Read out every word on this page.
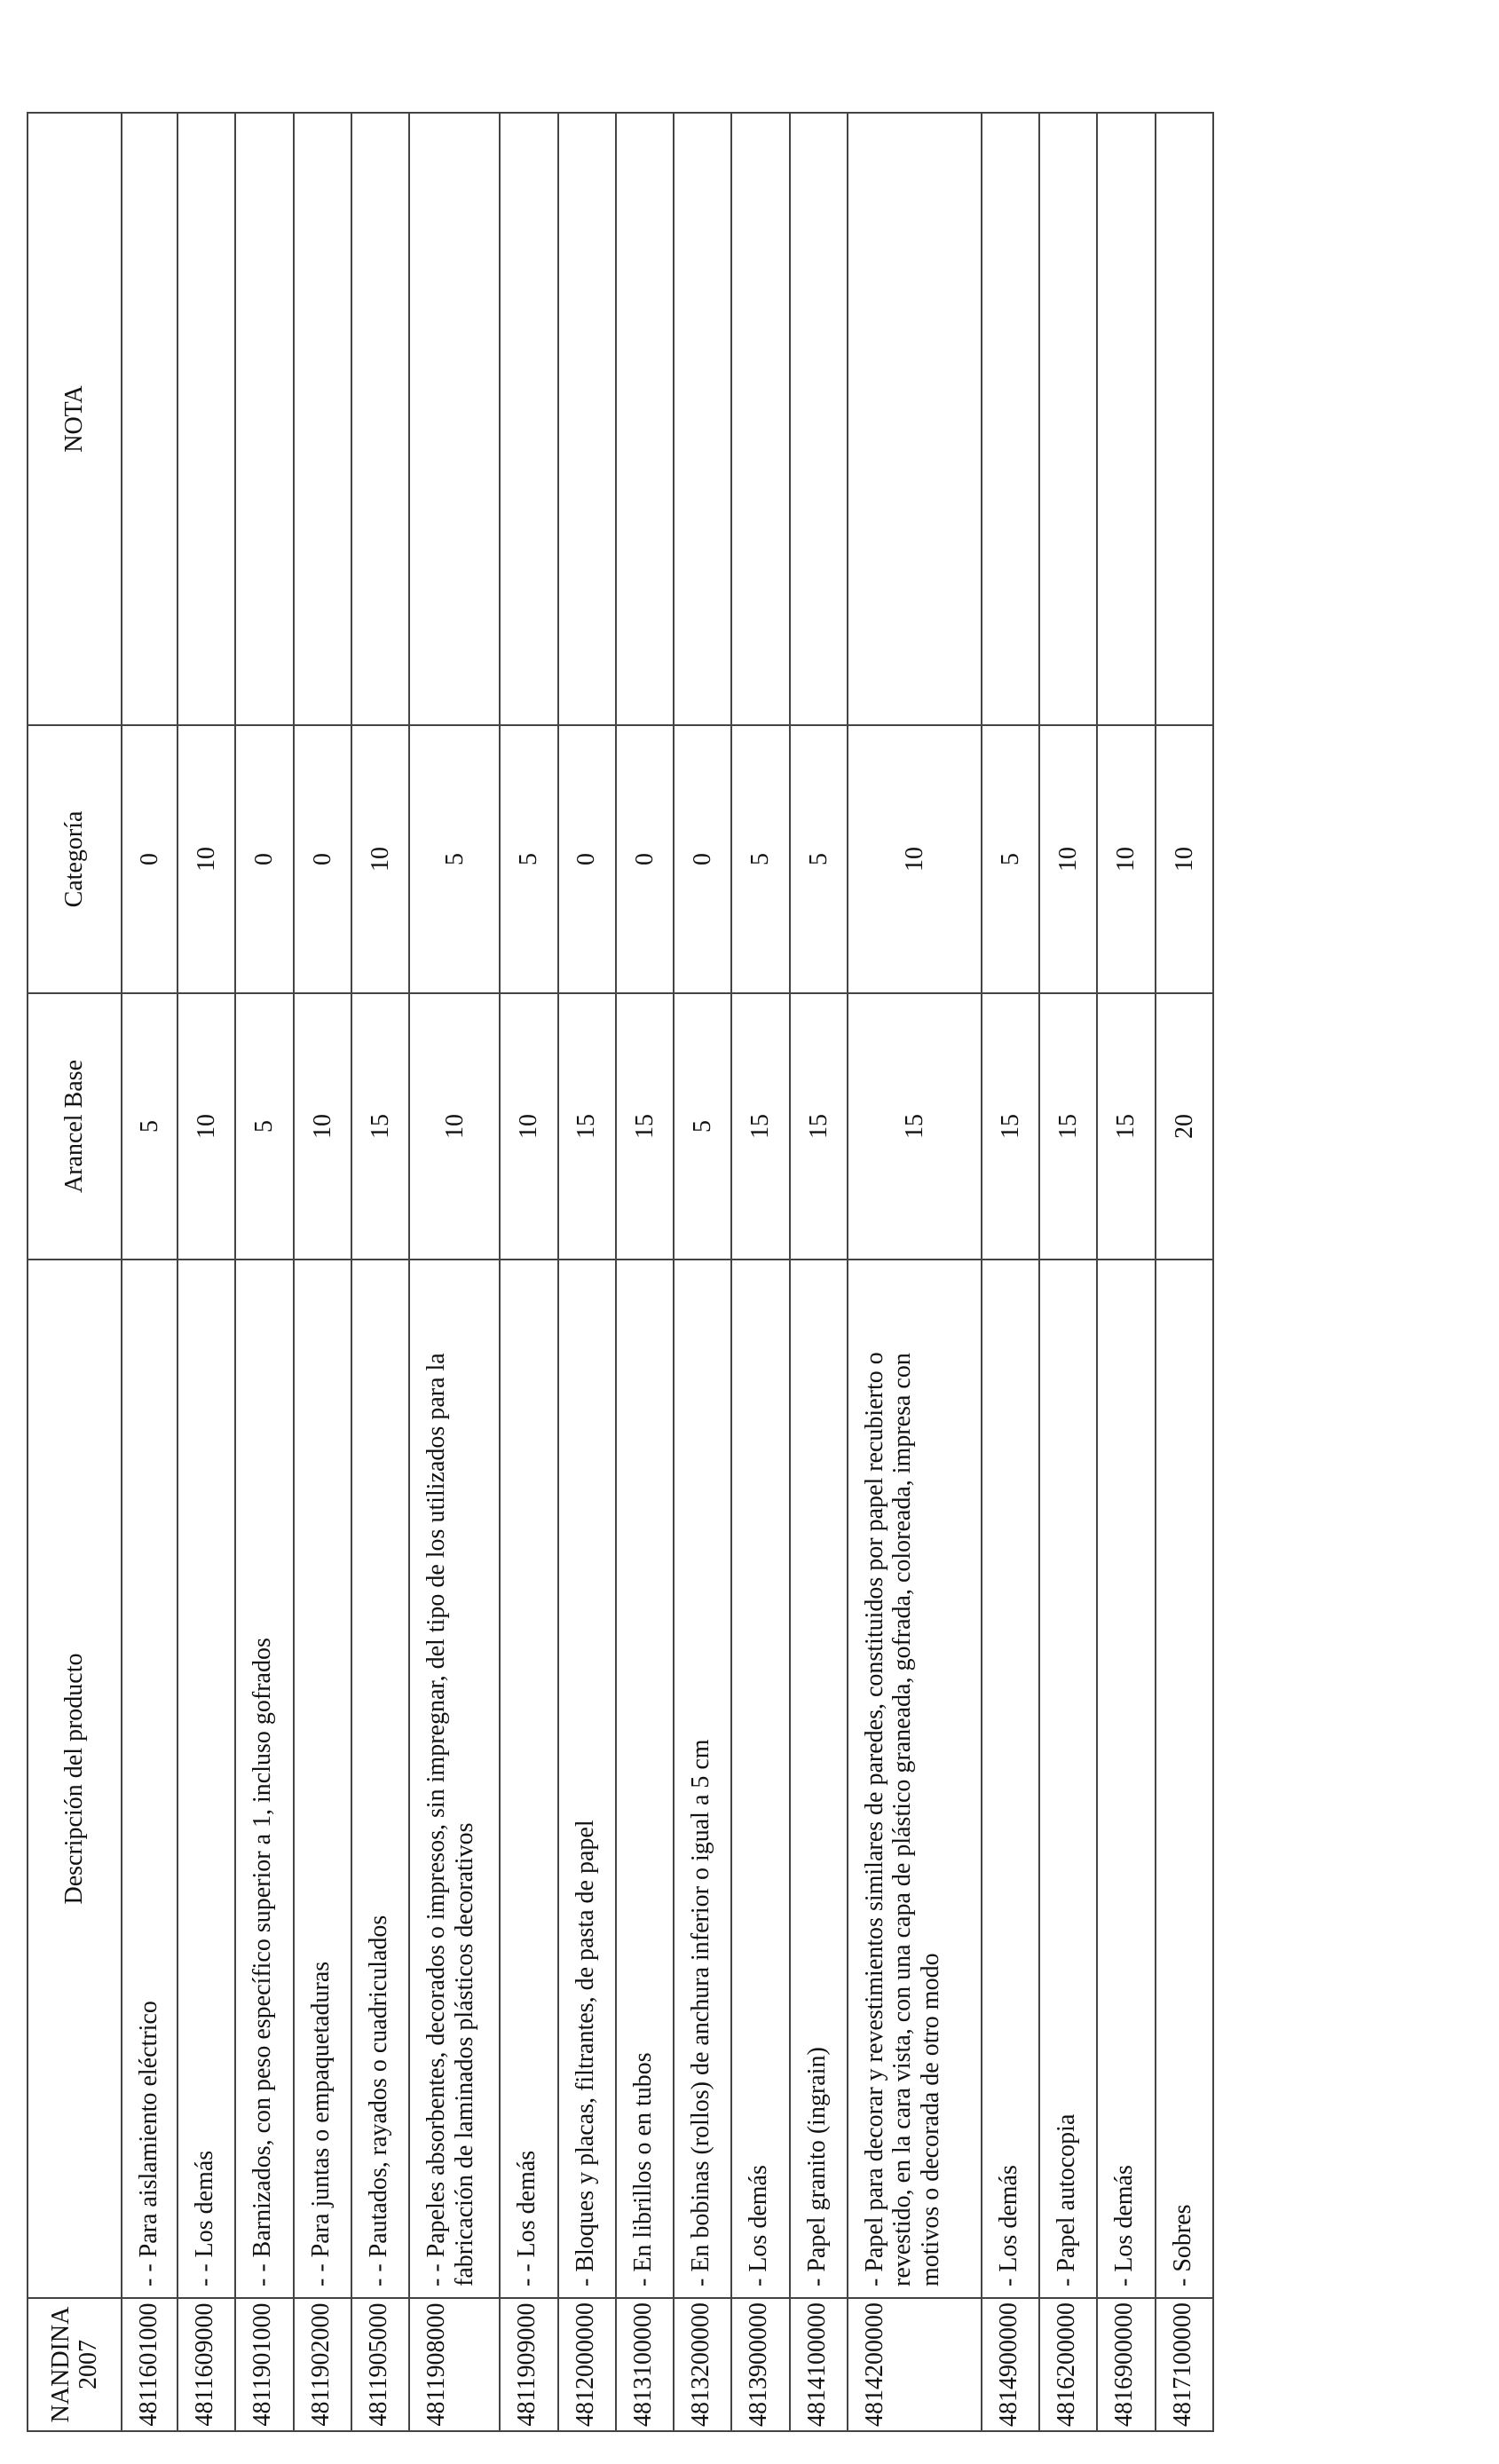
NANDINA 2007	Descripción del producto	Arancel Base	Categoría	NOTA
4811601000	- - Para aislamiento eléctrico	5	0	
4811609000	- - Los demás	10	10	
4811901000	- - Barnizados, con peso específico superior a 1, incluso gofrados	5	0	
4811902000	- - Para juntas o empaquetaduras	10	0	
4811905000	- - Pautados, rayados o cuadriculados	15	10	
4811908000	- - Papeles absorbentes, decorados o impresos, sin impregnar, del tipo de los utilizados para la fabricación de laminados plásticos decorativos	10	5	
4811909000	- - Los demás	10	5	
4812000000	- Bloques y placas, filtrantes, de pasta de papel	15	0	
4813100000	- En librillos o en tubos	15	0	
4813200000	- En bobinas (rollos) de anchura inferior o igual a 5 cm	5	0	
4813900000	- Los demás	15	5	
4814100000	- Papel granito (ingrain)	15	5	
4814200000	- Papel para decorar y revestimientos similares de paredes, constituidos por papel recubierto o revestido, en la cara vista, con una capa de plástico graneada, gofrada, coloreada, impresa con motivos o decorada de otro modo	15	10	
4814900000	- Los demás	15	5	
4816200000	- Papel autocopia	15	10	
4816900000	- Los demás	15	10	
4817100000	- Sobres	20	10	
